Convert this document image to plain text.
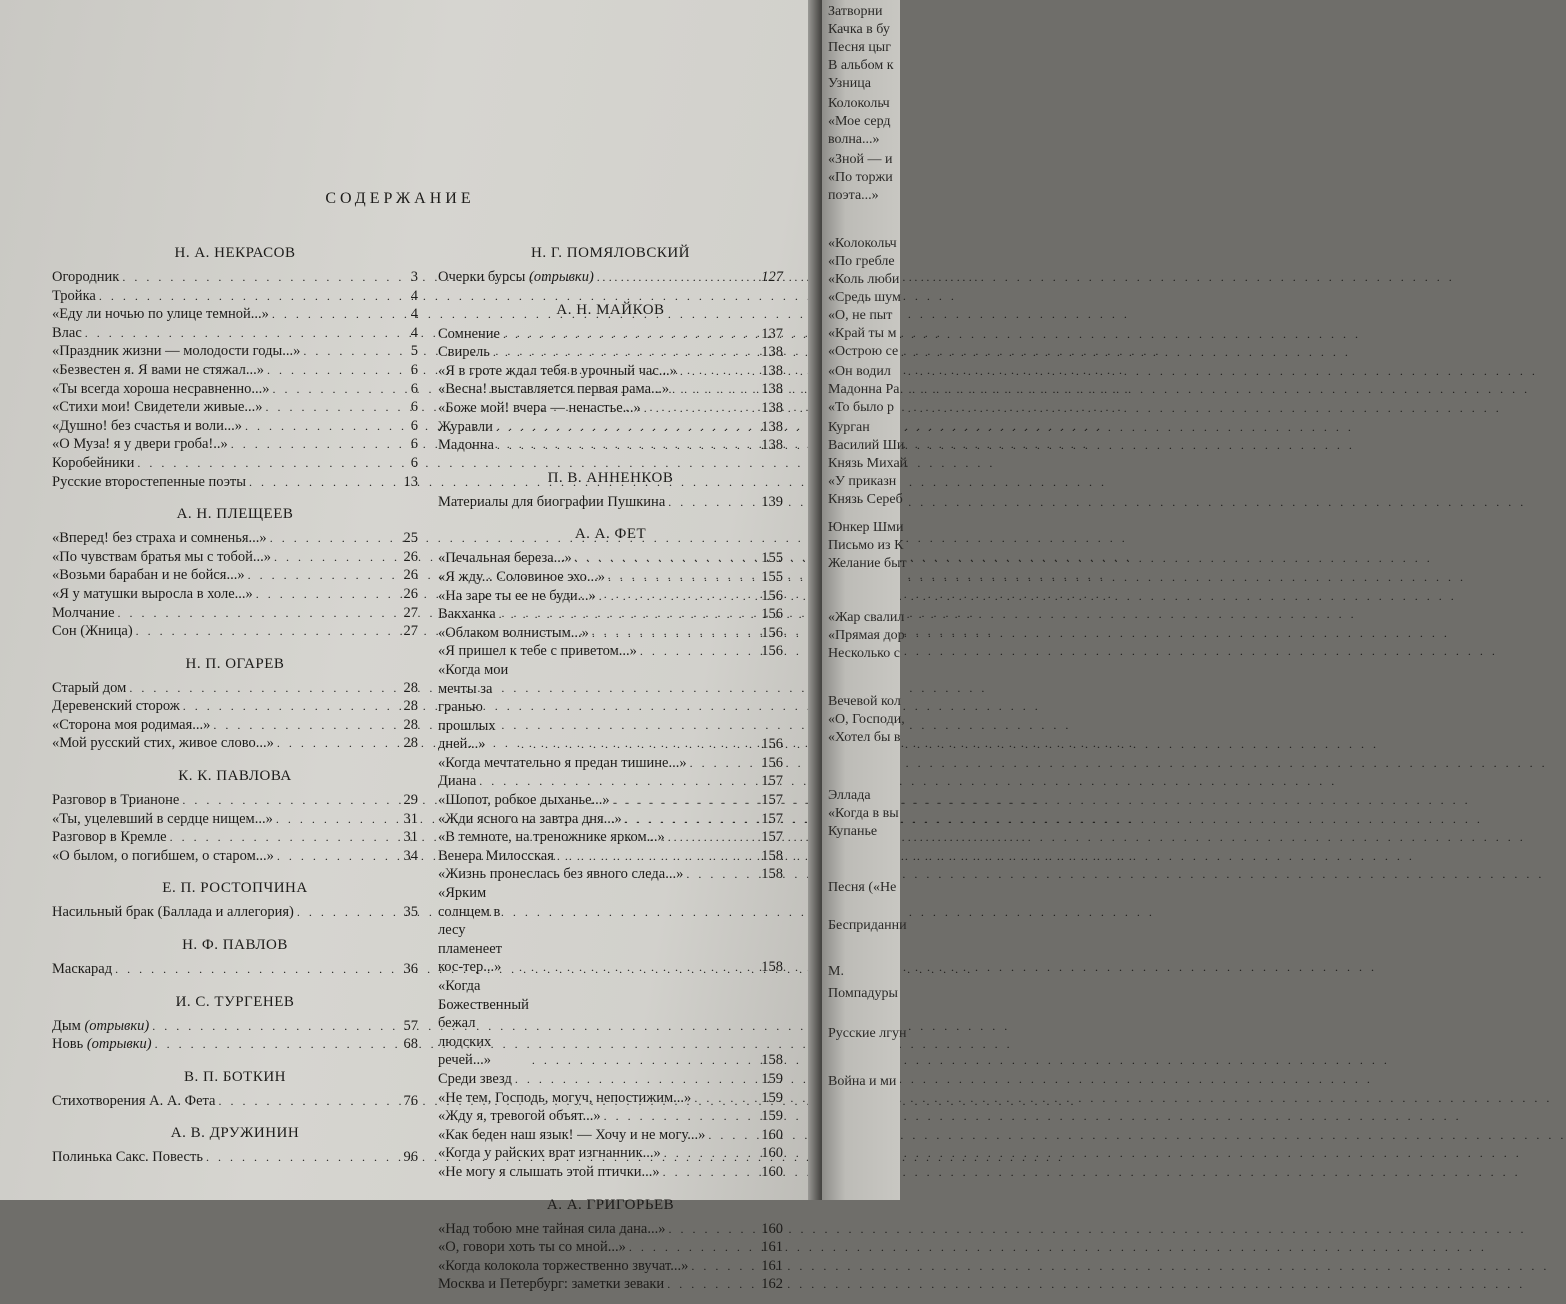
СОДЕРЖАНИЕ
Н. А. НЕКРАСОВ
Огородник . . .	3
Тройка . . .	4
«Еду ли ночью по улице темной...» . . .	4
Влас . . .	4
«Праздник жизни — молодости годы...» . . .	5
«Безвестен я. Я вами не стяжал...» . . .	6
«Ты всегда хороша несравненно...» . . .	6
«Стихи мои! Свидетели живые...» . . .	6
«Душно! без счастья и воли...» . . .	6
«О Муза! я у двери гроба!..» . . .	6
Коробейники . . .	6
Русские второстепенные поэты . . .	13
А. Н. ПЛЕЩЕЕВ
«Вперед! без страха и сомненья...» . . .	25
«По чувствам братья мы с тобой...» . . .	26
«Возьми барабан и не бойся...» . . .	26
«Я у матушки выросла в холе...» . . .	26
Молчание . . .	27
Сон (Жница) . . .	27
Н. П. ОГАРЕВ
Старый дом . . .	28
Деревенский сторож . . .	28
«Сторона моя родимая...» . . .	28
«Мой русский стих, живое слово...» . . .	28
К. К. ПАВЛОВА
Разговор в Трианоне . . .	29
«Ты, уцелевший в сердце нищем...» . . .	31
Разговор в Кремле . . .	31
«О былом, о погибшем, о старом...» . . .	34
Е. П. РОСТОПЧИНА
Насильный брак (Баллада и аллегория) . . .	35
Н. Ф. ПАВЛОВ
Маскарад . . .	36
И. С. ТУРГЕНЕВ
Дым (отрывки) . . .	57
Новь (отрывки) . . .	68
В. П. БОТКИН
Стихотворения А. А. Фета . . .	76
А. В. ДРУЖИНИН
Полинька Сакс. Повесть . . .	96
Н. Г. ПОМЯЛОВСКИЙ
Очерки бурсы (отрывки) . . .	127
А. Н. МАЙКОВ
Сомнение . . .	137
Свирель . . .	138
«Я в гроте ждал тебя в урочный час...» . . .	138
«Весна! выставляется первая рама...» . . .	138
«Боже мой! вчера — ненастье...» . . .	138
Журавли . . .	138
Мадонна . . .	138
П. В. АННЕНКОВ
Материалы для биографии Пушкина . . .	139
А. А. ФЕТ
«Печальная береза...» . . .	155
«Я жду... Соловиное эхо...» . . .	155
«На заре ты ее не буди...» . . .	156
Вакханка . . .	156
«Облаком волнистым...» . . .	156
«Я пришел к тебе с приветом...» . . .	156
«Когда мои мечты за гранью прошлых дней...» . . .	156
«Когда мечтательно я предан тишине...» . . .	156
Диана . . .	157
«Шопот, робкое дыханье...» . . .	157
«Жди ясного на завтра дня...» . . .	157
«В темноте, на треножнике ярком...» . . .	157
Венера Милосская . . .	158
«Жизнь пронеслась без явного следа...» . . .	158
«Ярким солнцем в лесу пламенеет кос-тер...» . . .	158
«Когда Божественный бежал людских речей...» . . .	158
Среди звезд . . .	159
«Не тем, Господь, могуч, непостижим...» . . .	159
«Жду я, тревогой объят...» . . .	159
«Как беден наш язык! — Хочу и не могу...» . . .	160
«Когда у райских врат изгнанник...» . . .	160
«Не могу я слышать этой птички...» . . .	160
А. А. ГРИГОРЬЕВ
«Над тобою мне тайная сила дана...» . . .	160
«О, говори хоть ты со мной...» . . .	161
«Когда колокола торжественно звучат...» . . .	161
Москва и Петербург: заметки зеваки . . .	162
Затворни
Качка в бу
Песня цыг
В альбом к
Узница
Колокольч
«Мое серд
волна...»
«Зной — и
«По торжи
поэта...»
«Колокольч
«По гребле
«Коль люби
«Средь шум
«О, не пыт
«Край ты м
«Острою се
«Он водил
Мадонна Ра
«То было р
Курган
Василий Ши
Князь Михай
«У приказн
Князь Сереб
Юнкер Шми
Письмо из К
Желание быт
«Жар свалил
«Прямая дор
Несколько с
Вечевой кол
«О, Господи,
«Хотел бы в
Эллада
«Когда в вы
Купанье
Песня («Не
Бесприданни
М.
Помпадуры
Русские лгун
Война и ми
